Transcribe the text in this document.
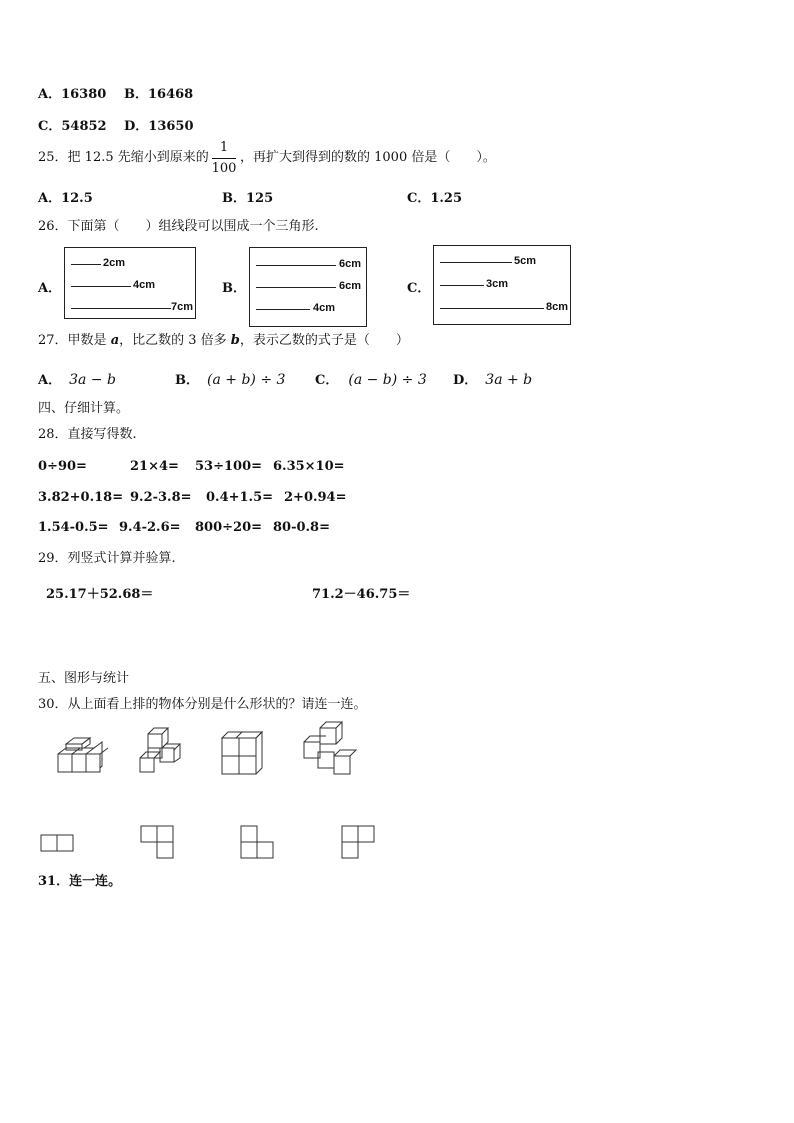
A．16380 B．16468
C．54852 D．13650
25．把 12.5 先缩小到原来的
1
100
，再扩大到得到的数的 1000 倍是（　　）。
A．12.5	B．125	C．1.25
26．下面第（　　）组线段可以围成一个三角形.
A．
2cm
4cm
7cm
B．
6cm
6cm
4cm
C．
5cm
3cm
8cm
27．甲数是 a，比乙数的 3 倍多 b，表示乙数的式子是（　　）
A． 3a − b	B． (a + b) ÷ 3 C． (a − b) ÷ 3 D． 3a + b
四、仔细计算。
28．直接写得数.
0÷90=	21×4= 53÷100= 6.35×10=
3.82+0.18= 9.2-3.8= 0.4+1.5= 2+0.94=
1.54-0.5= 9.4-2.6= 800÷20= 80-0.8=
29．列竖式计算并验算.
25.17＋52.68＝	71.2－46.75＝
五、图形与统计
30．从上面看上排的物体分别是什么形状的？请连一连。
31．连一连。
